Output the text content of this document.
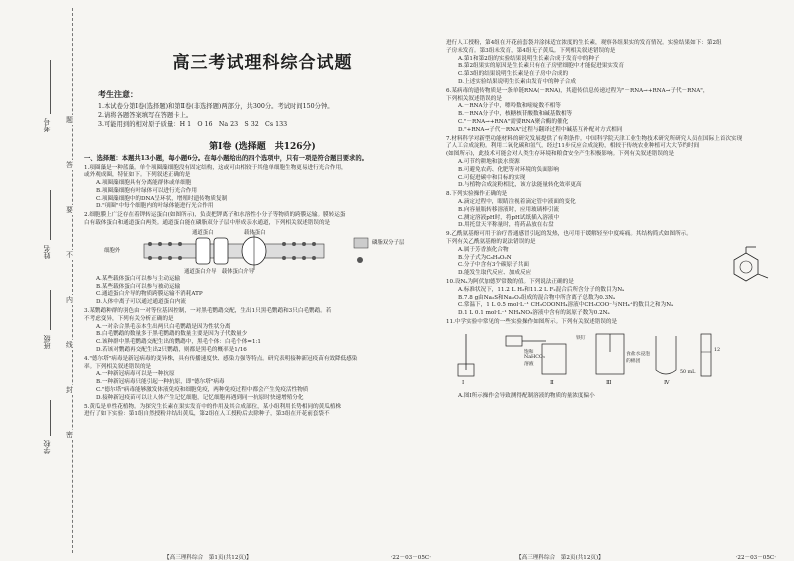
学校
班级
姓名
考号
密
封
线
内
不
要
答
题
高三考试理科综合试题
考生注意：
1.本试卷分第Ⅰ卷(选择题)和第Ⅱ卷(非选择题)两部分，共300分。考试时间150分钟。
2.请将各题答案填写在答题卡上。
3.可能用到的相对原子质量：H 1　O 16　Na 23　S 32　Cs 133
第Ⅰ卷 (选择题　共126分)
一、选择题：本题共13小题，每小题6分。在每小题给出的四个选项中，只有一项是符合题目要求的。

1.项圈藻是一种蓝藻。单个项圈藻细胞没有固定结构，这或可由相较于其他单细胞生物更易进行光合作用，

或外观成圈，特征如下。下列叙述正确的是

A.项圈藻细胞具有分离能群体或单细胞

B.项圈藻细胞有叶绿体可以进行光合作用

C.项圈藻细胞中的DNA呈环状，增殖时遗传物质复制

D."项圈"中每个细胞内的叶绿体能进行光合作用

2.细胞膜上广泛存在着钾转运蛋白(如图所示)，负责把钾离子和水溶性小分子等物质的跨膜运输。膜转运蛋

白有载体蛋白和通道蛋白两类。通道蛋白能在磷脂双分子层中形成亲水通道，下列相关叙述错误的是

细胞外
通道蛋白	载体蛋白
磷脂双分子层
通道蛋白介导　载体蛋白介导

A.某些载体蛋白可以参与主动运输

B.某些载体蛋白可以参与被动运输

C.通道蛋白介导的物质跨膜运输不消耗ATP

D.人体中离子可以通过通道蛋白内流

3.某鹦鹉种群的羽色由一对等位基因控制，一对黑毛鹦鹉交配，生出1只黑毛鹦鹉和3只白毛鹦鹉。若

不考虑变异，下列有关分析正确的是

A.一对杂合黑毛亲本生出两只白毛鹦鹉是因为性状分离

B.白毛鹦鹉的数量多于黑毛鹦鹉的数量主要是因为子代数量少

C.该种群中黑毛鹦鹉交配生出的鹦鹉中，黑毛个体：白毛个体=1:1

D.若该对鹦鹉再交配生出2只鹦鹉，则都是黑毛的概率是1/16

4."德尔塔"病毒是新冠病毒的变异株，具有传播速度快、感染力强等特点。研究表明接种新冠疫苗有效降低感染

率。下列相关叙述错误的是

A.一种新冠病毒可以是一种抗原

B.一种新冠病毒只能引起一种抗原，即"德尔塔"病毒

C."德尔塔"病毒能够激发体液免疫和细胞免疫，两种免疫过程中都会产生免疫活性物质

D.接种新冠疫苗可以让人体产生记忆细胞，记忆细胞再遇到同一抗原时快速增殖分化

5.黄瓜是单性花植物。为探究生长素在果实发育中的作用及其合成部位，某小组利用长势相同的黄瓜植株

进行了如下实验：第1组自然授粉并结出黄瓜，第2组在人工授粉后去除种子，第3组在开花前套袋不

【高三理科综合　第1页(共12页)】	·22－03－05C·

进行人工授粉，第4组在开花前套袋并涂抹适宜浓度的生长素，观察各组果实的发育情况。实验结果如下：第2组

子房未发育。第3组未发育，第4组无子黄瓜。下列相关叙述错误的是

A.第1和第2组的实验结果说明生长素合成于发育中的种子

B.第2组果实的原因是生长素只有在子房壁细胞中才能促进果实发育

C.第3组的结果说明生长素是在子房中合成的

D.上述实验结果说明生长素由发育中的种子合成

6.某病毒的遗传物质是一条单链RNA(－RNA)，其遗传信息传递过程为"－RNA→+RNA→子代－RNA"，

下列相关叙述错误的是

A.－RNA分子中，嘌呤数和嘧啶数不相等

B.－RNA分子中，核糖核苷酸数和碱基数相等

C."－RNA→+RNA"需要RNA聚合酶的催化

D."+RNA→子代－RNA"过程与翻译过程中碱基互补配对方式相同

7.材料科学对新型功能材料的研究发展提供了有利条件。中国科学院天津工业生物技术研究所研究人员在国际上首次实现

了人工合成淀粉。利用二氧化碳和氢气，经过11步反应合成淀粉，相较于传统农业种植可大大节约时间

(如图所示)，此技术可能会对人类生存环境和粮食安全产生积极影响。下列有关叙述错误的是

A.可节约耕地和淡水资源

B.可避免农药、化肥等对环境的负面影响

C.可促进碳中和目标的实现

D.与植物合成淀粉相比，该方法能量转化效率更高

8.下列实验操作正确的是

A.滴定过程中，眼睛注视着滴定管中液面的变化

B.向容量瓶转移溶液时，应用玻璃棒引流

C.测定溶液pH时，将pH试纸插入溶液中

D.用托盘天平称量时，将药品放在右盘

9.乙酰氨基酚可用于治疗普通感冒引起的发热，也可用于缓解轻至中度疼痛。其结构简式如图所示。

下列有关乙酰氨基酚的说法错误的是

A.属于芳香族化合物

B.分子式为C₈H₉O₂N

C.分子中含有3个碳原子共面

D.能发生取代反应、加成反应

10.设Nₐ为阿伏加德罗常数的值。下列说法正确的是

A.标准状况下，11.2 L H₂和11.2 L F₂混合后所含分子的数目为Nₐ

B.7.8 g由Na₂S和Na₂O₂组成的混合物中所含离子总数为0.3Nₐ

C.常温下，1 L 0.5 mol·L⁻¹ CH₃COONH₄溶液中CH₃COO⁻与NH₄⁺的数目之和为Nₐ

D.1 L 0.1 mol·L⁻¹ NH₄NO₃溶液中含有的氮原子数为0.2Nₐ

11.中学实验中常见的一些实验操作如图所示。下列有关叙述错误的是

Ⅰ	Ⅱ	Ⅲ	Ⅳ
饱和NaHCO₃溶液
铁钉
食盐水浸泡的棉团
50 mL
12

A.图Ⅰ所示操作会导致测得配制溶液的物质的量浓度偏小

【高三理科综合　第2页(共12页)】	·22－03－05C·
